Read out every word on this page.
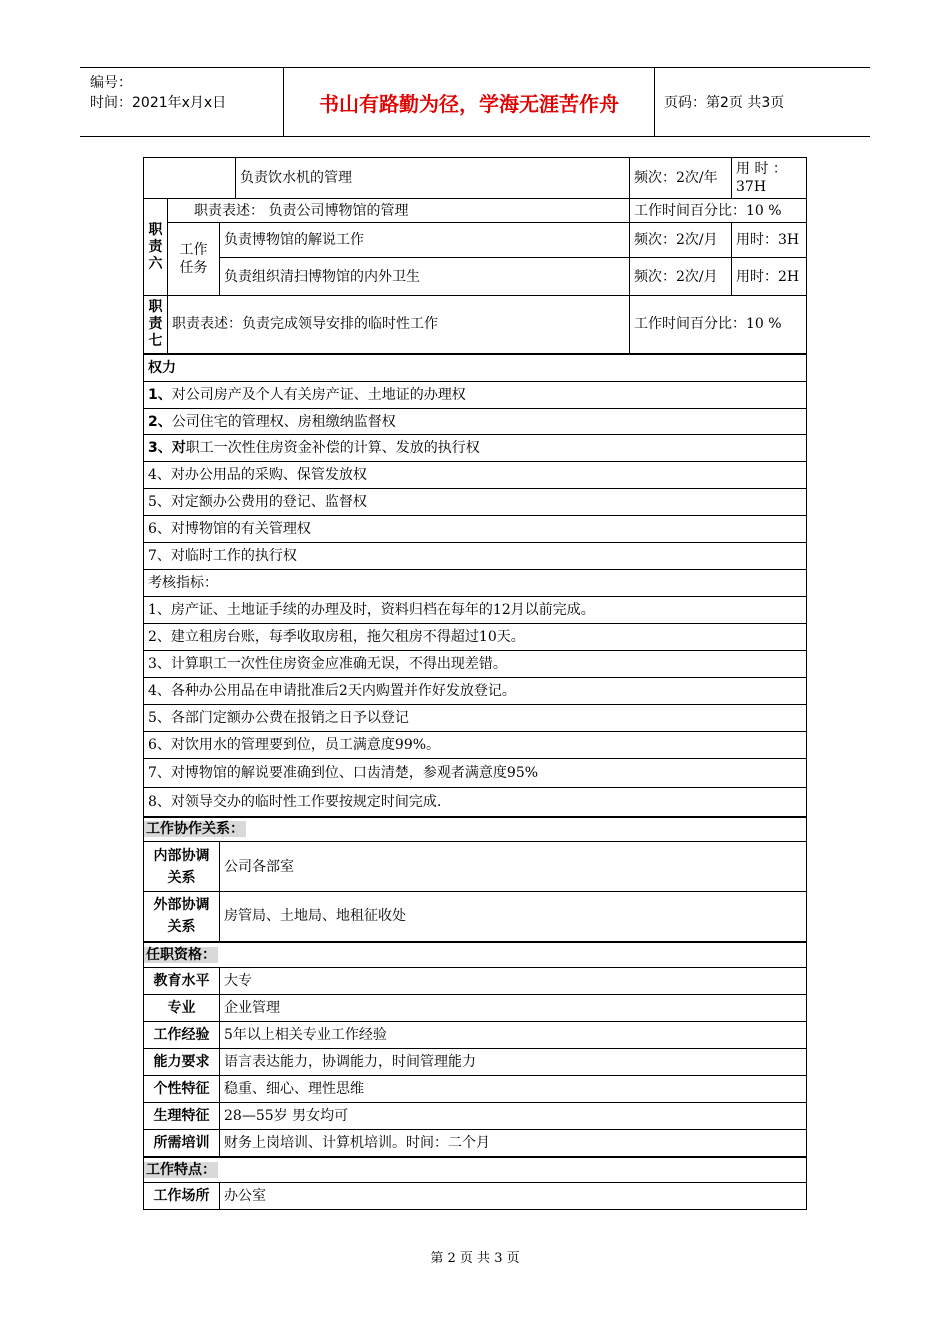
编号：
时间：2021年x月x日	书山有路勤为径，学海无涯苦作舟	页码：第2页 共3页
			负责饮水机的管理	频次：2次/年	用 时 ：37H
职责六	职责表述： 负责公司博物馆的管理			工作时间百分比：10 %	
	工作任务	负责博物馆的解说工作		频次：2次/月	用时：3H
		负责组织清扫博物馆的内外卫生		频次：2次/月	用时：2H
职责七	职责表述：负责完成领导安排的临时性工作			工作时间百分比：10 %	
权力					
1、对公司房产及个人有关房产证、土地证的办理权					
2、公司住宅的管理权、房租缴纳监督权					
3、对职工一次性住房资金补偿的计算、发放的执行权					
4、对办公用品的采购、保管发放权					
5、对定额办公费用的登记、监督权					
6、对博物馆的有关管理权					
7、对临时工作的执行权					
考核指标：					
1、房产证、土地证手续的办理及时，资料归档在每年的12月以前完成。					
2、建立租房台账，每季收取房租，拖欠租房不得超过10天。					
3、计算职工一次性住房资金应准确无误，不得出现差错。					
4、各种办公用品在申请批准后2天内购置并作好发放登记。					
5、各部门定额办公费在报销之日予以登记					
6、对饮用水的管理要到位，员工满意度99%。					
7、对博物馆的解说要准确到位、口齿清楚，参观者满意度95%					
8、对领导交办的临时性工作要按规定时间完成.					
工作协作关系：					
内部协调关系		公司各部室			
外部协调关系		房管局、土地局、地租征收处			
任职资格：					
教育水平		大专			
专业		企业管理			
工作经验		5年以上相关专业工作经验			
能力要求		语言表达能力，协调能力，时间管理能力			
个性特征		稳重、细心、理性思维			
生理特征		28—55岁 男女均可			
所需培训		财务上岗培训、计算机培训。时间：二个月			
工作特点：					
工作场所		办公室			
第 2 页 共 3 页
